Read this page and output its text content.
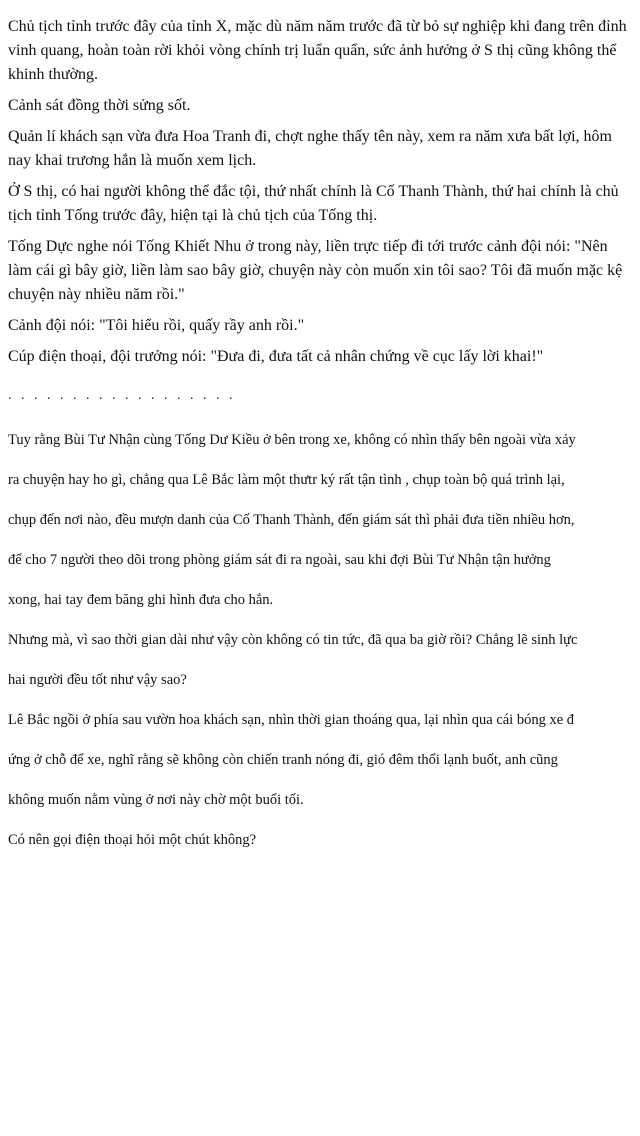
Chủ tịch tỉnh trước đây của tỉnh X, mặc dù năm năm trước đã từ bỏ sự nghiệp khi đang trên đỉnh vinh quang, hoàn toàn rời khỏi vòng chính trị luẩn quẩn, sức ảnh hưởng ở S thị cũng không thể khinh thường.

Cảnh sát đồng thời sửng sốt.

Quản lí khách sạn vừa đưa Hoa Tranh đi, chợt nghe thấy tên này, xem ra năm xưa bất lợi, hôm nay khai trương hắn là muốn xem lịch.

Ở S thị, có hai người không thể đắc tội, thứ nhất chính là Cố Thanh Thành, thứ hai chính là chủ tịch tỉnh Tống trước đây, hiện tại là chủ tịch của Tống thị.

Tống Dực nghe nói Tống Khiết Nhu ở trong này, liền trực tiếp đi tới trước cảnh đội nói: "Nên làm cái gì bây giờ, liền làm sao bây giờ, chuyện này còn muốn xin tôi sao? Tôi đã muốn mặc kệ chuyện này nhiều năm rồi."

Cảnh đội nói: "Tôi hiểu rồi, quấy rầy anh rồi."

Cúp điện thoại, đội trưởng nói: "Đưa đi, đưa tất cả nhân chứng về cục lấy lời khai!"

. . . . . . . . . . . . . . . . . .

Tuy rằng Bùi Tư Nhận cùng Tống Dư Kiều ở bên trong xe, không có nhìn thấy bên ngoài vừa xảy

ra chuyện hay ho gì, chẳng qua Lê Bắc làm một thưtr ký rất tận tình , chụp toàn bộ quá trình lại,

chụp đến nơi nào, đều mượn danh của Cố Thanh Thành, đến giám sát thì phải đưa tiền nhiều hơn,

để cho 7 người theo dõi trong phòng giám sát đi ra ngoài, sau khi đợi Bùi Tư Nhận tận hưởng

xong, hai tay đem băng ghi hình đưa cho hắn.

Nhưng mà, vì sao thời gian dài như vậy còn không có tin tức, đã qua ba giờ rồi? Chẳng lẽ sinh lực

hai người đều tốt như vậy sao?

Lê Bắc ngồi ở phía sau vườn hoa khách sạn, nhìn thời gian thoáng qua, lại nhìn qua cái bóng xe đ

ứng ở chỗ để xe, nghĩ rằng sẽ không còn chiến tranh nóng đi, gió đêm thổi lạnh buốt, anh cũng

không muốn nằm vùng ở nơi này chờ một buổi tối.

Có nên gọi điện thoại hỏi một chút không?
